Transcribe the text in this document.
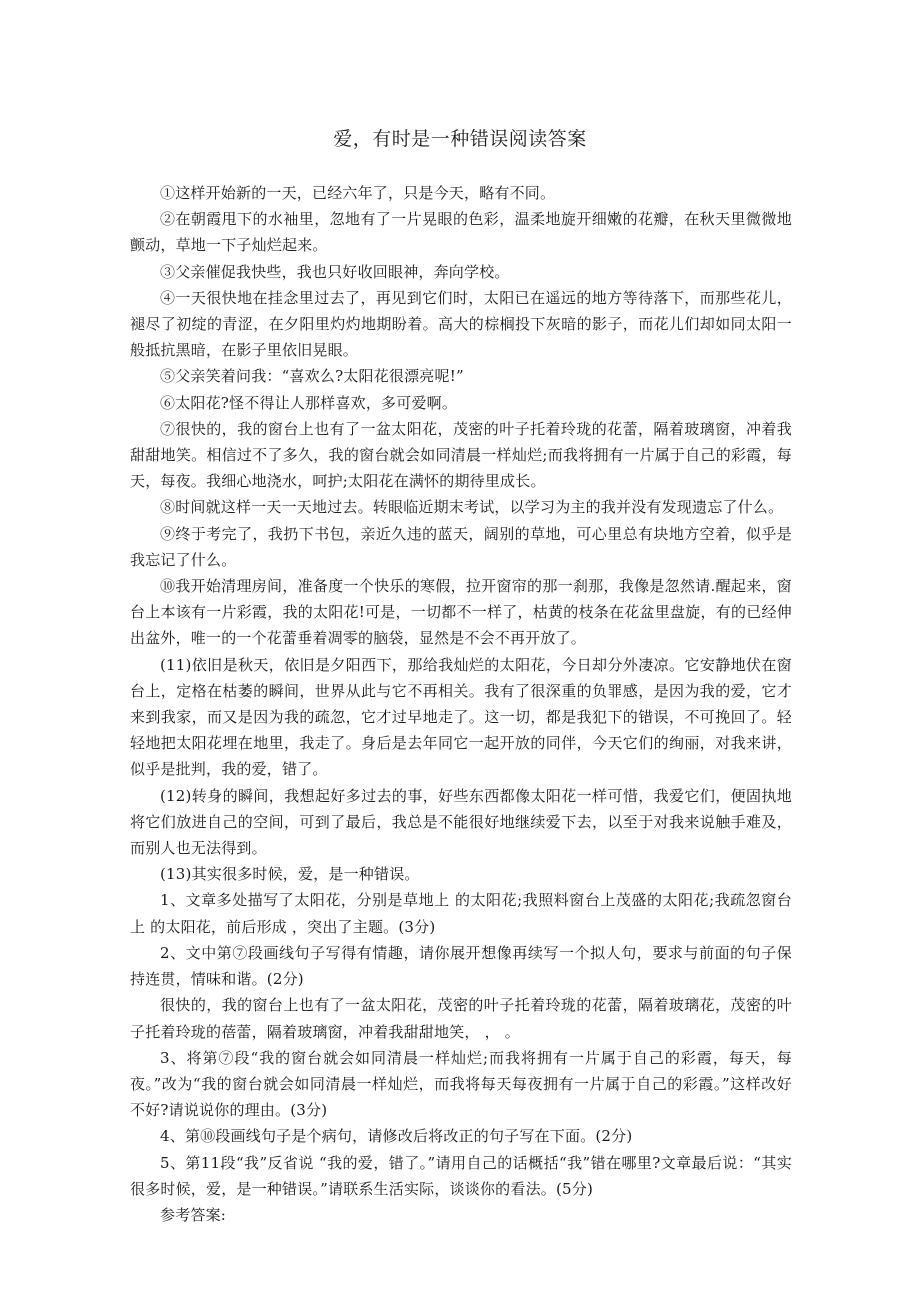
爱，有时是一种错误阅读答案

①这样开始新的一天，已经六年了，只是今天，略有不同。

②在朝霞甩下的水袖里，忽地有了一片晃眼的色彩，温柔地旋开细嫩的花瓣，在秋天里微微地颤动，草地一下子灿烂起来。

③父亲催促我快些，我也只好收回眼神，奔向学校。

④一天很快地在挂念里过去了，再见到它们时，太阳已在遥远的地方等待落下，而那些花儿，褪尽了初绽的青涩，在夕阳里灼灼地期盼着。高大的棕榈投下灰暗的影子，而花儿们却如同太阳一般抵抗黑暗，在影子里依旧晃眼。

⑤父亲笑着问我：“喜欢么?太阳花很漂亮呢!”

⑥太阳花?怪不得让人那样喜欢，多可爱啊。

⑦很快的，我的窗台上也有了一盆太阳花，茂密的叶子托着玲珑的花蕾，隔着玻璃窗，冲着我甜甜地笑。相信过不了多久，我的窗台就会如同清晨一样灿烂;而我将拥有一片属于自己的彩霞，每天，每夜。我细心地浇水，呵护;太阳花在满怀的期待里成长。

⑧时间就这样一天一天地过去。转眼临近期末考试，以学习为主的我并没有发现遗忘了什么。

⑨终于考完了，我扔下书包，亲近久违的蓝天，阔别的草地，可心里总有块地方空着，似乎是我忘记了什么。

⑩我开始清理房间，准备度一个快乐的寒假，拉开窗帘的那一刹那，我像是忽然请.醒起来，窗台上本该有一片彩霞，我的太阳花!可是，一切都不一样了，枯黄的枝条在花盆里盘旋，有的已经伸出盆外，唯一的一个花蕾垂着凋零的脑袋，显然是不会不再开放了。

(11)依旧是秋天，依旧是夕阳西下，那给我灿烂的太阳花，今日却分外凄凉。它安静地伏在窗台上，定格在枯萎的瞬间，世界从此与它不再相关。我有了很深重的负罪感，是因为我的爱，它才来到我家，而又是因为我的疏忽，它才过早地走了。这一切，都是我犯下的错误，不可挽回了。轻轻地把太阳花埋在地里，我走了。身后是去年同它一起开放的同伴，今天它们的绚丽，对我来讲，似乎是批判，我的爱，错了。

(12)转身的瞬间，我想起好多过去的事，好些东西都像太阳花一样可惜，我爱它们，便固执地将它们放进自己的空间，可到了最后，我总是不能很好地继续爱下去，以至于对我来说触手难及，而别人也无法得到。

(13)其实很多时候，爱，是一种错误。

1、文章多处描写了太阳花，分别是草地上 的太阳花;我照料窗台上茂盛的太阳花;我疏忽窗台上 的太阳花，前后形成 ，突出了主题。(3分)

2、文中第⑦段画线句子写得有情趣，请你展开想像再续写一个拟人句，要求与前面的句子保持连贯，情味和谐。(2分)

很快的，我的窗台上也有了一盆太阳花，茂密的叶子托着玲珑的花蕾，隔着玻璃花，茂密的叶子托着玲珑的蓓蕾，隔着玻璃窗，冲着我甜甜地笑， ， 。

3、将第⑦段“我的窗台就会如同清晨一样灿烂;而我将拥有一片属于自己的彩霞，每天，每夜。”改为“我的窗台就会如同清晨一样灿烂，而我将每天每夜拥有一片属于自己的彩霞。”这样改好不好?请说说你的理由。(3分)

4、第⑩段画线句子是个病句，请修改后将改正的句子写在下面。(2分)

5、第11段“我”反省说 “我的爱，错了。”请用自己的话概括“我”错在哪里?文章最后说：“其实很多时候，爱，是一种错误。”请联系生活实际，谈谈你的看法。(5分)

参考答案:
